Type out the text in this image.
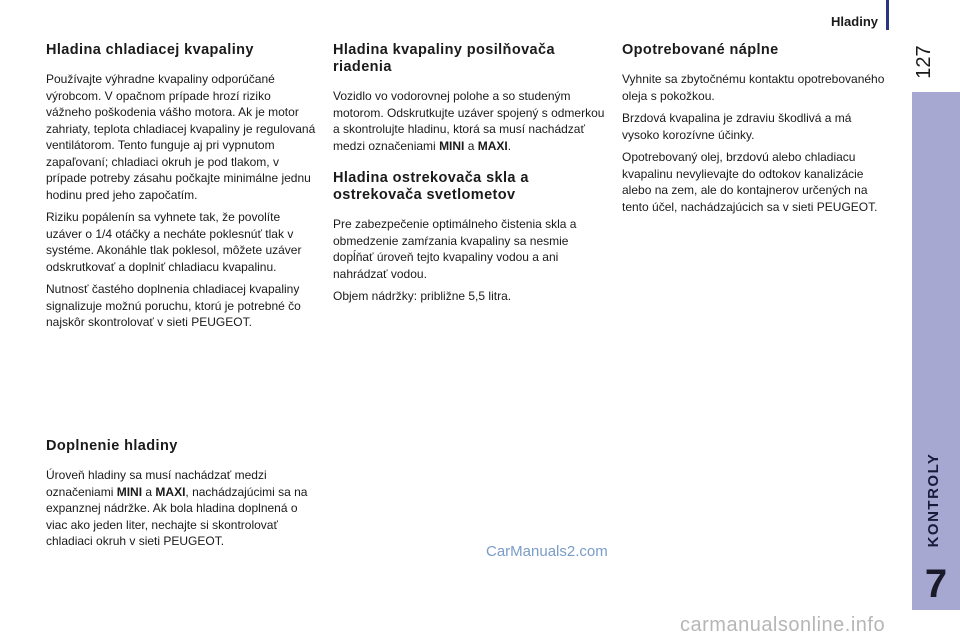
Hladiny
127
KONTROLY
7
Hladina chladiacej kvapaliny

Používajte výhradne kvapaliny odporúčané výrobcom. V opačnom prípade hrozí riziko vážneho poškodenia vášho motora. Ak je motor zahriaty, teplota chladiacej kvapaliny je regulovaná ventilátorom. Tento funguje aj pri vypnutom zapaľovaní; chladiaci okruh je pod tlakom, v prípade potreby zásahu počkajte minimálne jednu hodinu pred jeho započatím.

Riziku popálenín sa vyhnete tak, že povolíte uzáver o 1/4 otáčky a necháte poklesnúť tlak v systéme. Akonáhle tlak poklesol, môžete uzáver odskrutkovať a doplniť chladiacu kvapalinu.

Nutnosť častého doplnenia chladiacej kvapaliny signalizuje možnú poruchu, ktorú je potrebné čo najskôr skontrolovať v sieti PEUGEOT.

Doplnenie hladiny

Úroveň hladiny sa musí nachádzať medzi označeniami MINI a MAXI, nachádzajúcimi sa na expanznej nádržke. Ak bola hladina doplnená o viac ako jeden liter, nechajte si skontrolovať chladiaci okruh v sieti PEUGEOT.

Hladina kvapaliny posilňovača
riadenia

Vozidlo vo vodorovnej polohe a so studeným motorom. Odskrutkujte uzáver spojený s odmerkou a skontrolujte hladinu, ktorá sa musí nachádzať medzi označeniami MINI a MAXI.

Hladina ostrekovača skla a ostrekovača svetlometov

Pre zabezpečenie optimálneho čistenia skla a obmedzenie zamŕzania kvapaliny sa nesmie dopĺňať úroveň tejto kvapaliny vodou a ani nahrádzať vodou.

Objem nádržky: približne 5,5 litra.

Opotrebované náplne

Vyhnite sa zbytočnému kontaktu opotrebovaného oleja s pokožkou.

Brzdová kvapalina je zdraviu škodlivá a má vysoko korozívne účinky.

Opotrebovaný olej, brzdovú alebo chladiacu kvapalinu nevylievajte do odtokov kanalizácie alebo na zem, ale do kontajnerov určených na tento účel, nachádzajúcich sa v sieti PEUGEOT.

CarManuals2.com
carmanualsonline.info
